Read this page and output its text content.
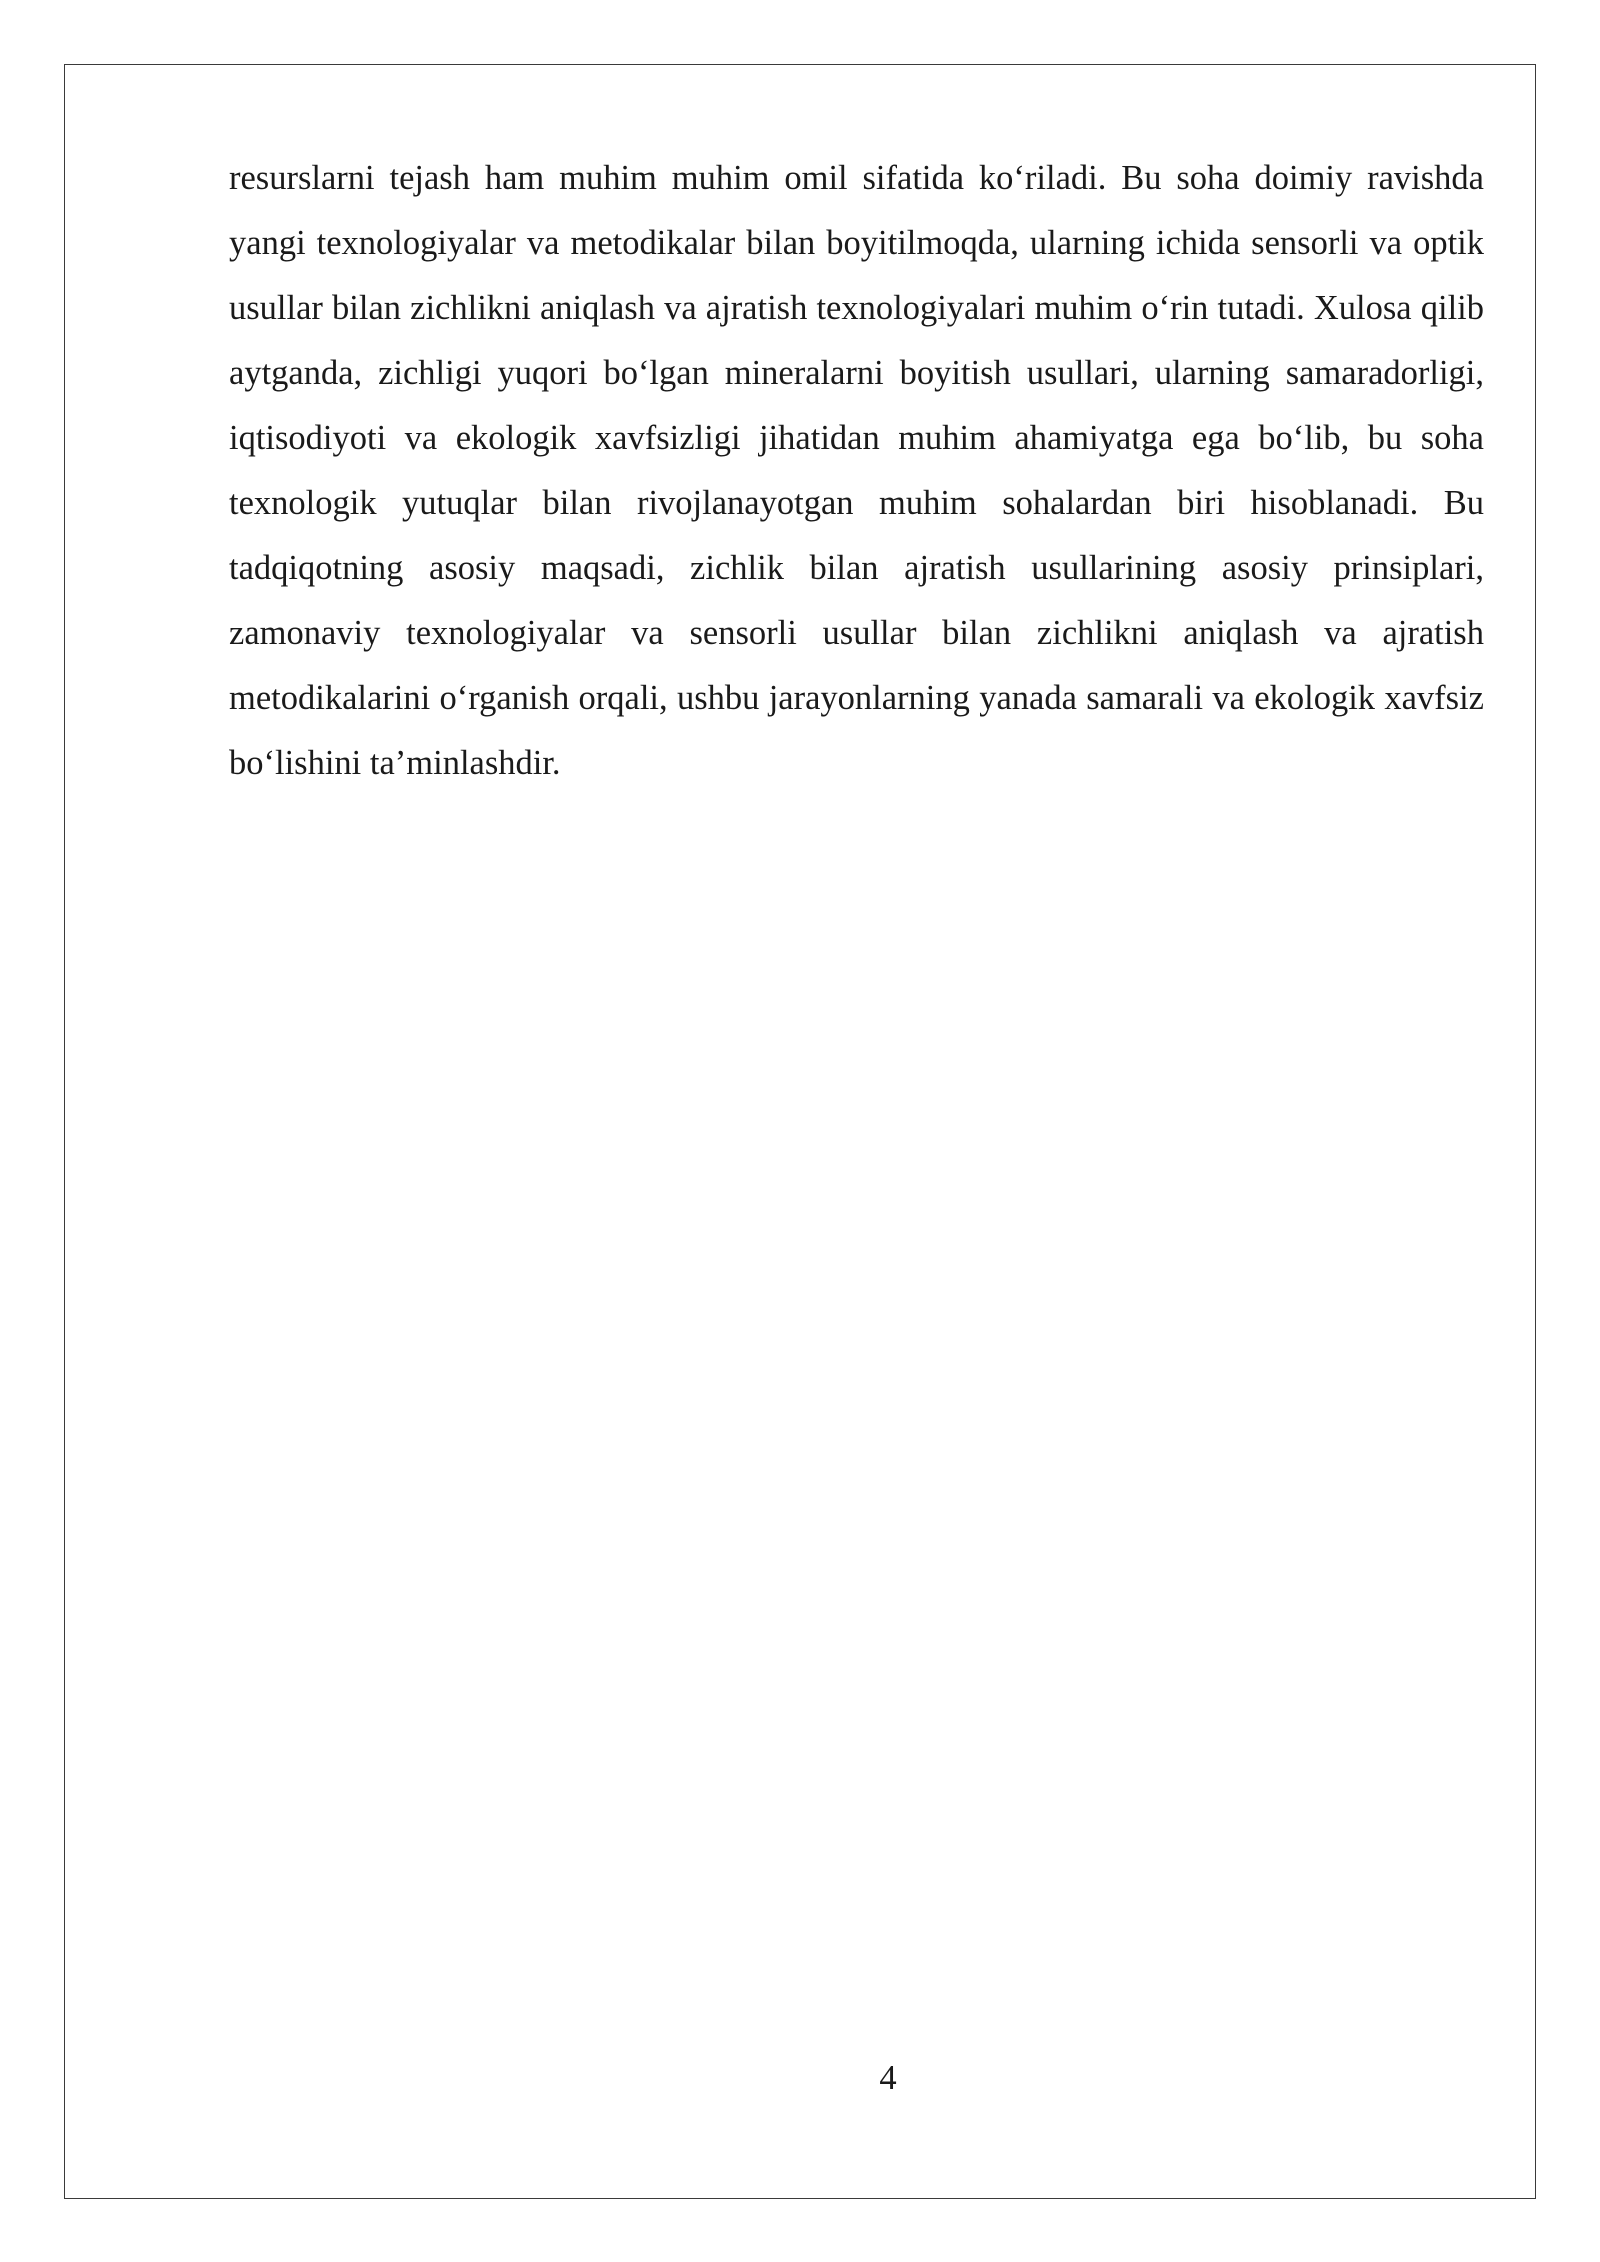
resurslarni tejash ham muhim muhim omil sifatida ko‘riladi. Bu soha doimiy ravishda yangi texnologiyalar va metodikalar bilan boyitilmoqda, ularning ichida sensorli va optik usullar bilan zichlikni aniqlash va ajratish texnologiyalari muhim o‘rin tutadi. Xulosa qilib aytganda, zichligi yuqori bo‘lgan mineralarni boyitish usullari, ularning samaradorligi, iqtisodiyoti va ekologik xavfsizligi jihatidan muhim ahamiyatga ega bo‘lib, bu soha texnologik yutuqlar bilan rivojlanayotgan muhim sohalardan biri hisoblanadi. Bu tadqiqotning asosiy maqsadi, zichlik bilan ajratish usullarining asosiy prinsiplari, zamonaviy texnologiyalar va sensorli usullar bilan zichlikni aniqlash va ajratish metodikalarini o‘rganish orqali, ushbu jarayonlarning yanada samarali va ekologik xavfsiz bo‘lishini ta’minlashdir.

4
